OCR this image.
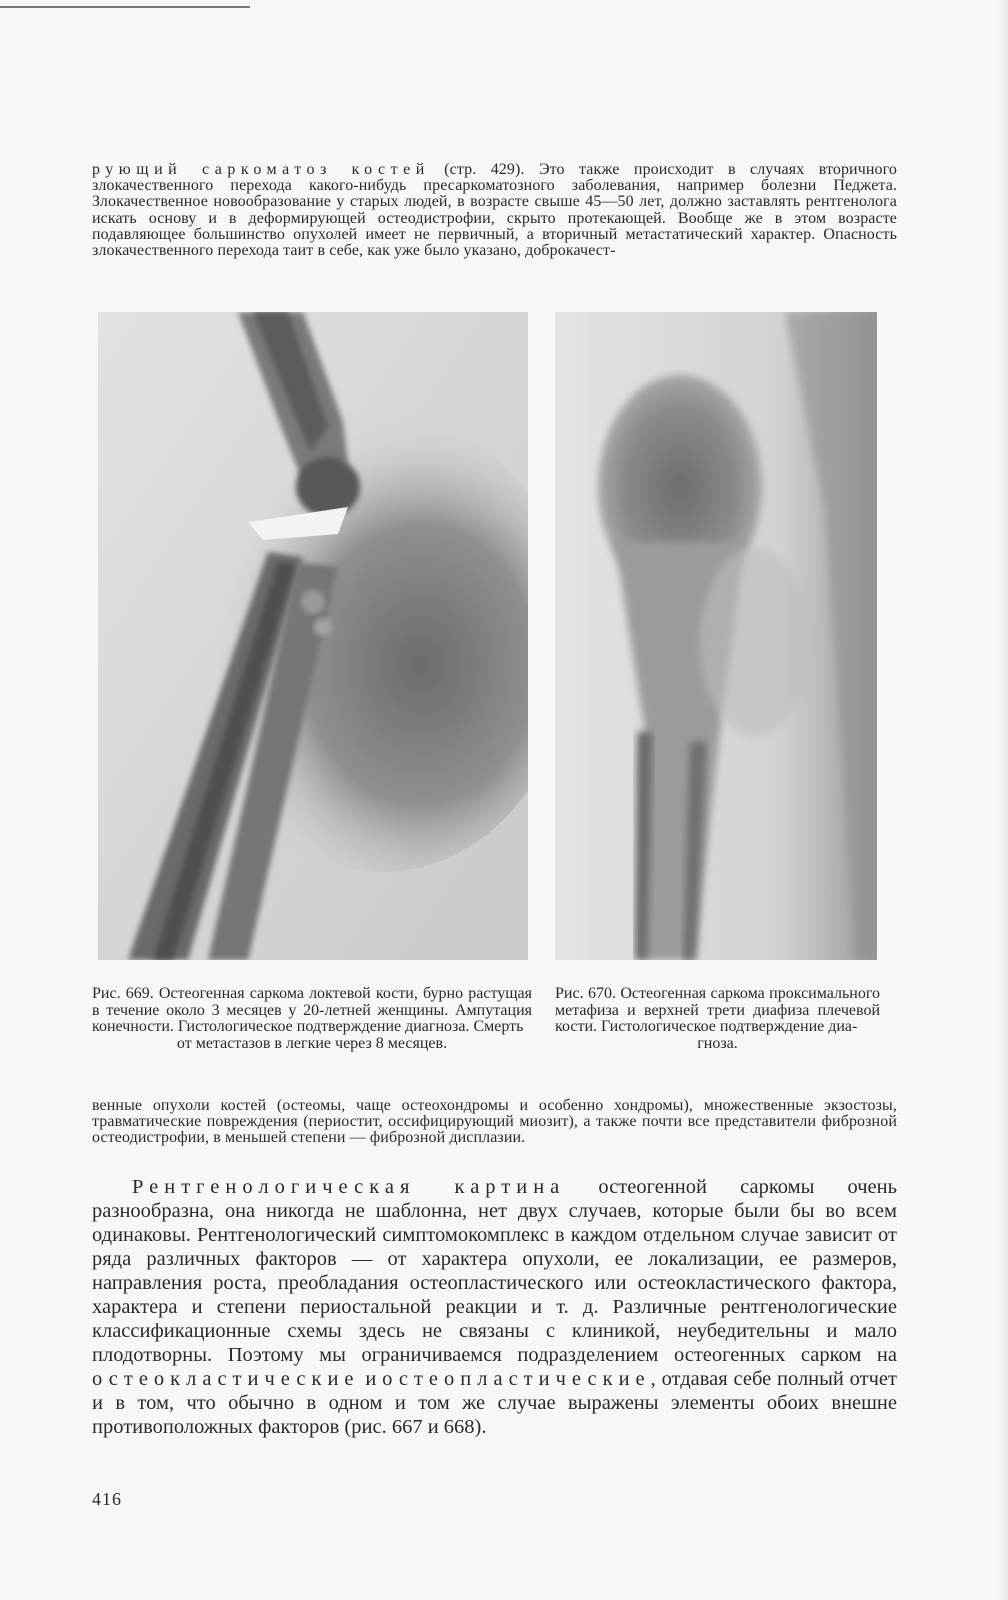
рующий саркоматоз костей (стр. 429). Это также происходит в случаях вторичного злокачественного перехода какого-нибудь пресаркоматозного заболевания, например болезни Педжета. Злокачественное новообразование у старых людей, в возрасте свыше 45—50 лет, должно заставлять рентгенолога искать основу и в деформирующей остеодистрофии, скрыто протекающей. Вообще же в этом возрасте подавляющее большинство опухолей имеет не первичный, а вторичный метастатический характер. Опасность злокачественного перехода таит в себе, как уже было указано, доброкачест-

Рис. 669. Остеогенная саркома локтевой кости, бурно растущая в течение около 3 месяцев у 20-летней женщины. Ампутация конечности. Гистологическое подтверждение диагноза. Смерть
от метастазов в легкие через 8 месяцев.

Рис. 670. Остеогенная саркома проксимального метафиза и верхней трети диафиза плечевой кости. Гистологическое подтверждение диа-
гноза.

венные опухоли костей (остеомы, чаще остеохондромы и особенно хондромы), множественные экзостозы, травматические повреждения (периостит, оссифицирующий миозит), а также почти все представители фиброзной остеодистрофии, в меньшей степени — фиброзной дисплазии.

Рентгенологическая картина остеогенной саркомы очень разнообразна, она никогда не шаблонна, нет двух случаев, которые были бы во всем одинаковы. Рентгенологический симптомокомплекс в каждом отдельном случае зависит от ряда различных факторов — от характера опухоли, ее локализации, ее размеров, направления роста, преобладания остеопластического или остеокластического фактора, характера и степени периостальной реакции и т. д. Различные рентгенологические классификационные схемы здесь не связаны с клиникой, неубедительны и мало плодотворны. Поэтому мы ограничиваемся подразделением остеогенных сарком на остеокластические и остеопластические, отдавая себе полный отчет и в том, что обычно в одном и том же случае выражены элементы обоих внешне противоположных факторов (рис. 667 и 668).

416
